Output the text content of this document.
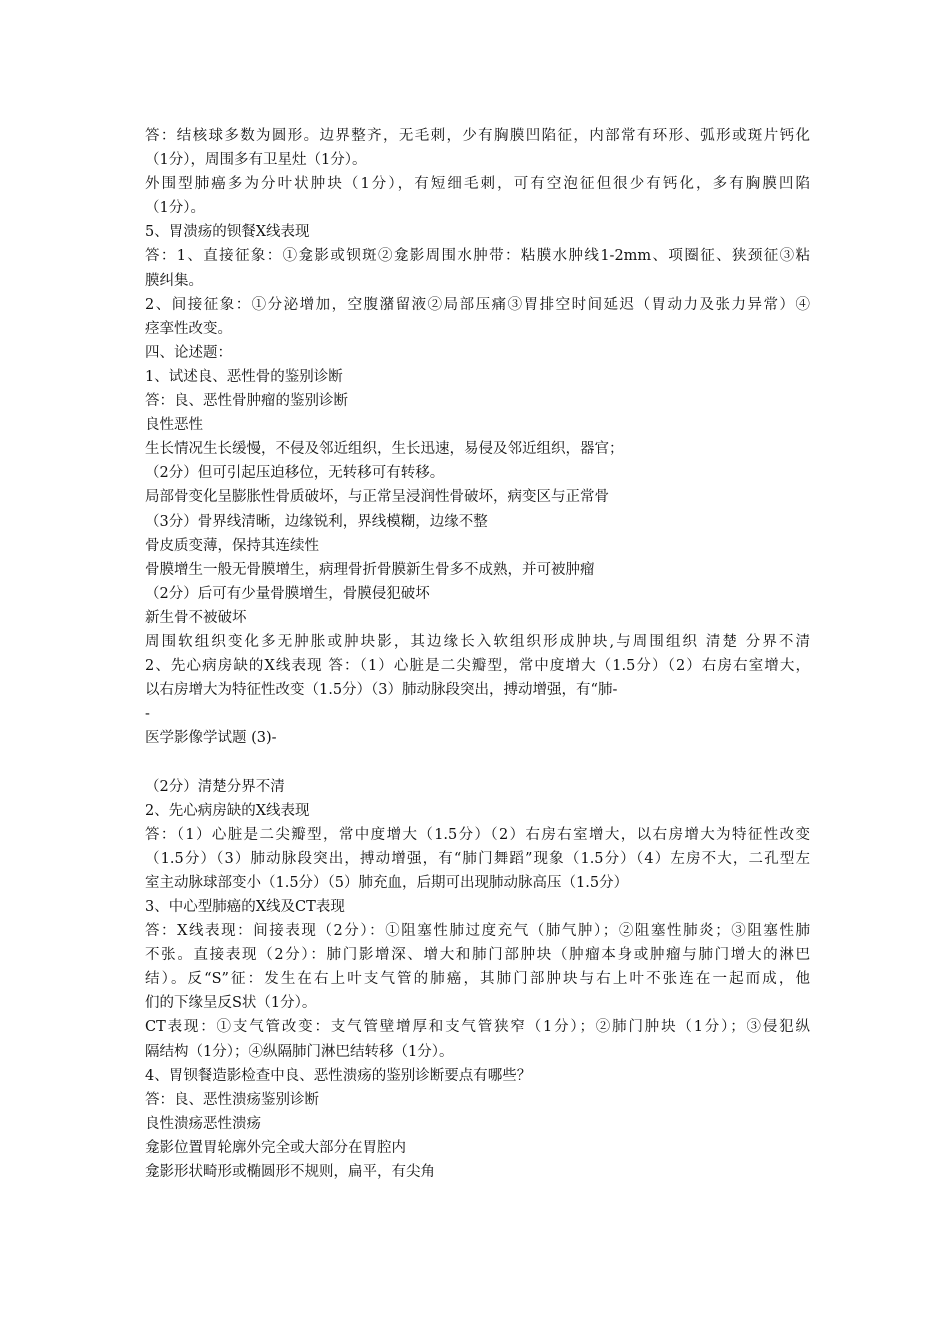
答：结核球多数为圆形。边界整齐，无毛刺，少有胸膜凹陷征，内部常有环形、弧形或斑片钙化
（1分），周围多有卫星灶（1分）。
外围型肺癌多为分叶状肿块（1分），有短细毛刺，可有空泡征但很少有钙化，多有胸膜凹陷
（1分）。
5、胃溃疡的钡餐X线表现
答：1、直接征象：①龛影或钡斑②龛影周围水肿带：粘膜水肿线1-2mm、项圈征、狭颈征③粘
膜纠集。
2、间接征象：①分泌增加，空腹潴留液②局部压痛③胃排空时间延迟（胃动力及张力异常）④
痉挛性改变。
四、论述题：
1、试述良、恶性骨的鉴别诊断
答：良、恶性骨肿瘤的鉴别诊断
良性恶性
生长情况生长缓慢，不侵及邻近组织，生长迅速，易侵及邻近组织，器官；
（2分）但可引起压迫移位，无转移可有转移。
局部骨变化呈膨胀性骨质破坏，与正常呈浸润性骨破坏，病变区与正常骨
（3分）骨界线清晰，边缘锐利，界线模糊，边缘不整
骨皮质变薄，保持其连续性
骨膜增生一般无骨膜增生，病理骨折骨膜新生骨多不成熟，并可被肿瘤
（2分）后可有少量骨膜增生，骨膜侵犯破坏
新生骨不被破坏
周围软组织变化多无肿胀或肿块影，其边缘长入软组织形成肿块,与周围组织 清楚 分界不清
2、先心病房缺的X线表现 答：（1）心脏是二尖瓣型，常中度增大（1.5分）（2）右房右室增大，
以右房增大为特征性改变（1.5分）（3）肺动脉段突出，搏动增强，有“肺-
-
医学影像学试题 (3)-
（2分）清楚分界不清
2、先心病房缺的X线表现
答：（1）心脏是二尖瓣型，常中度增大（1.5分）（2）右房右室增大，以右房增大为特征性改变
（1.5分）（3）肺动脉段突出，搏动增强，有“肺门舞蹈”现象（1.5分）（4）左房不大，二孔型左
室主动脉球部变小（1.5分）（5）肺充血，后期可出现肺动脉高压（1.5分）
3、中心型肺癌的X线及CT表现
答：X线表现：间接表现（2分）：①阻塞性肺过度充气（肺气肿）；②阻塞性肺炎；③阻塞性肺
不张。直接表现（2分）：肺门影增深、增大和肺门部肿块（肿瘤本身或肿瘤与肺门增大的淋巴
结）。反“S”征：发生在右上叶支气管的肺癌，其肺门部肿块与右上叶不张连在一起而成，他
们的下缘呈反S状（1分）。
CT表现：①支气管改变：支气管壁增厚和支气管狭窄（1分）；②肺门肿块（1分）；③侵犯纵
隔结构（1分）；④纵隔肺门淋巴结转移（1分）。
4、胃钡餐造影检查中良、恶性溃疡的鉴别诊断要点有哪些？
答：良、恶性溃疡鉴别诊断
良性溃疡恶性溃疡
龛影位置胃轮廓外完全或大部分在胃腔内
龛影形状畸形或椭圆形不规则，扁平，有尖角
